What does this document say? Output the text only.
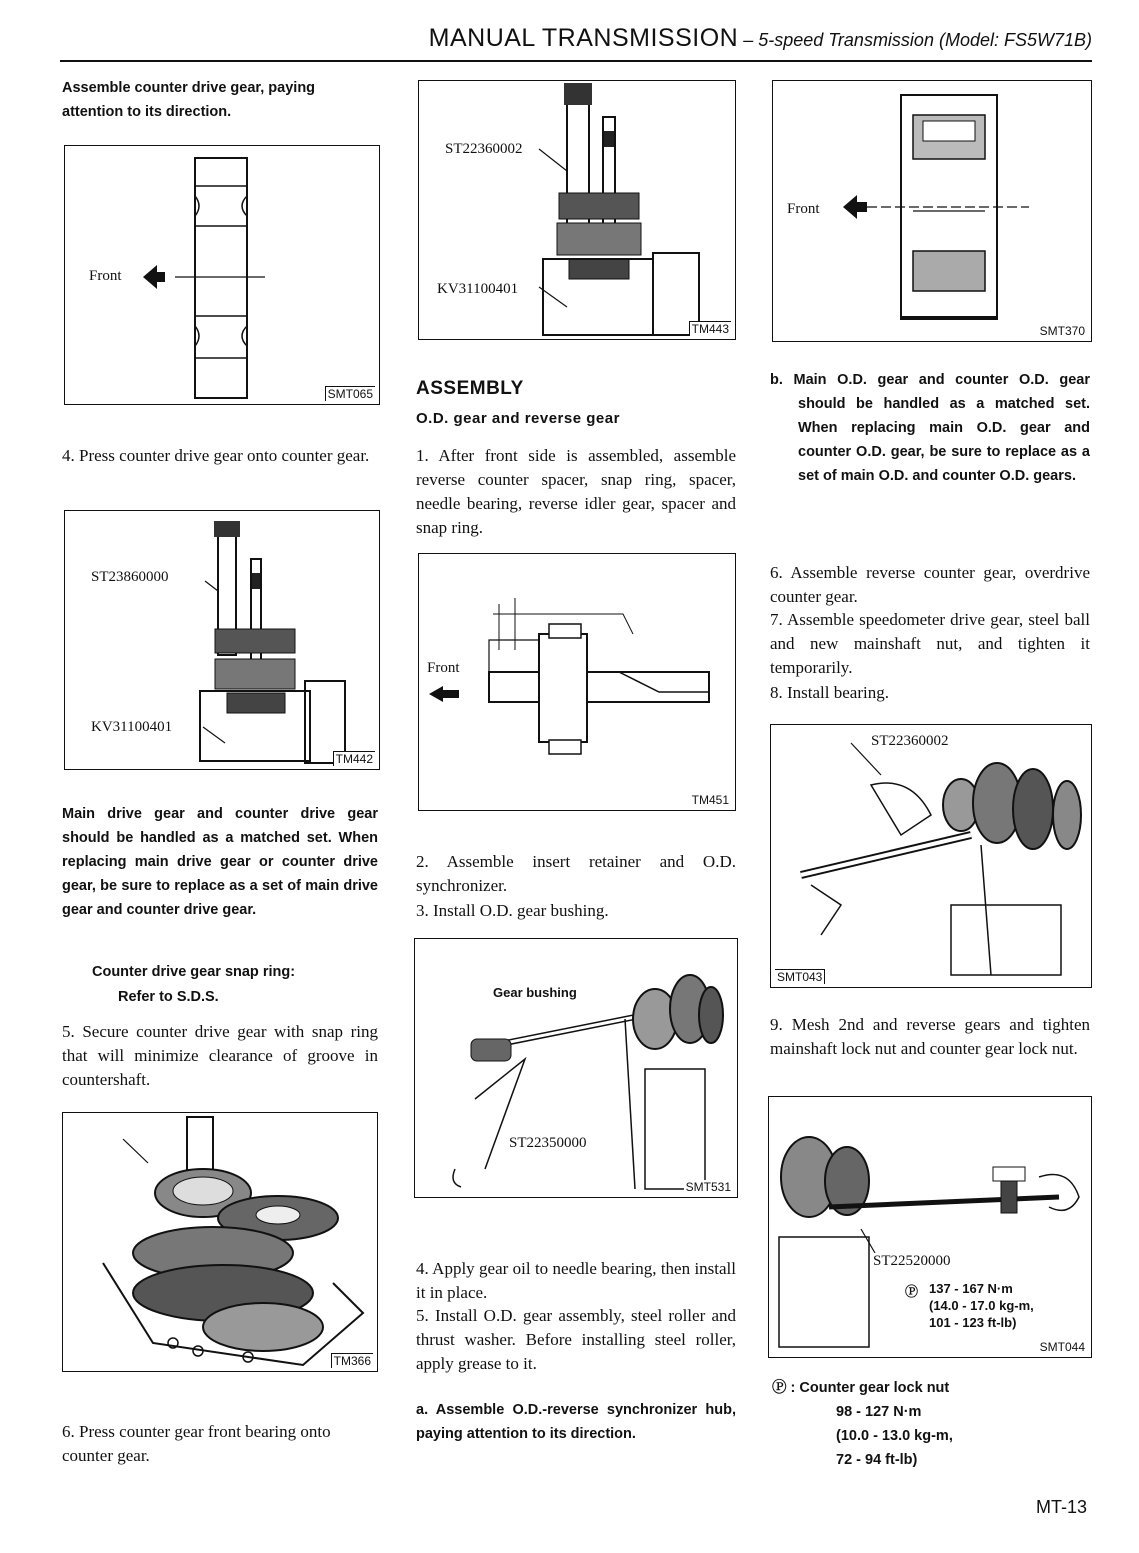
MANUAL TRANSMISSION – 5-speed Transmission (Model: FS5W71B)
Assemble counter drive gear, paying attention to its direction.
Front
SMT065
4. Press counter drive gear onto counter gear.
ST23860000
KV31100401
TM442
Main drive gear and counter drive gear should be handled as a matched set. When replacing main drive gear or counter drive gear, be sure to replace as a set of main drive gear and counter drive gear.
Counter drive gear snap ring:
Refer to S.D.S.
5. Secure counter drive gear with snap ring that will minimize clearance of groove in countershaft.
TM366
6. Press counter gear front bearing onto counter gear.
ST22360002
KV31100401
TM443
ASSEMBLY
O.D. gear and reverse gear
1. After front side is assembled, assemble reverse counter spacer, snap ring, spacer, needle bearing, reverse idler gear, spacer and snap ring.
Front
TM451
2. Assemble insert retainer and O.D. synchronizer.
3. Install O.D. gear bushing.
Gear bushing
ST22350000
SMT531
4. Apply gear oil to needle bearing, then install it in place.
5. Install O.D. gear assembly, steel roller and thrust washer. Before installing steel roller, apply grease to it.
a. Assemble O.D.-reverse synchronizer hub, paying attention to its direction.
Front
SMT370
b. Main O.D. gear and counter O.D. gear should be handled as a matched set. When replacing main O.D. gear and counter O.D. gear, be sure to replace as a set of main O.D. and counter O.D. gears.
6. Assemble reverse counter gear, overdrive counter gear.
7. Assemble speedometer drive gear, steel ball and new mainshaft nut, and tighten it temporarily.
8. Install bearing.
ST22360002
SMT043
9. Mesh 2nd and reverse gears and tighten mainshaft lock nut and counter gear lock nut.
ST22520000
Ⓟ 137 - 167 N·m
(14.0 - 17.0 kg-m,
101 - 123 ft-lb)
SMT044
Ⓟ : Counter gear lock nut
98 - 127 N·m
(10.0 - 13.0 kg-m,
72 - 94 ft-lb)
MT-13
